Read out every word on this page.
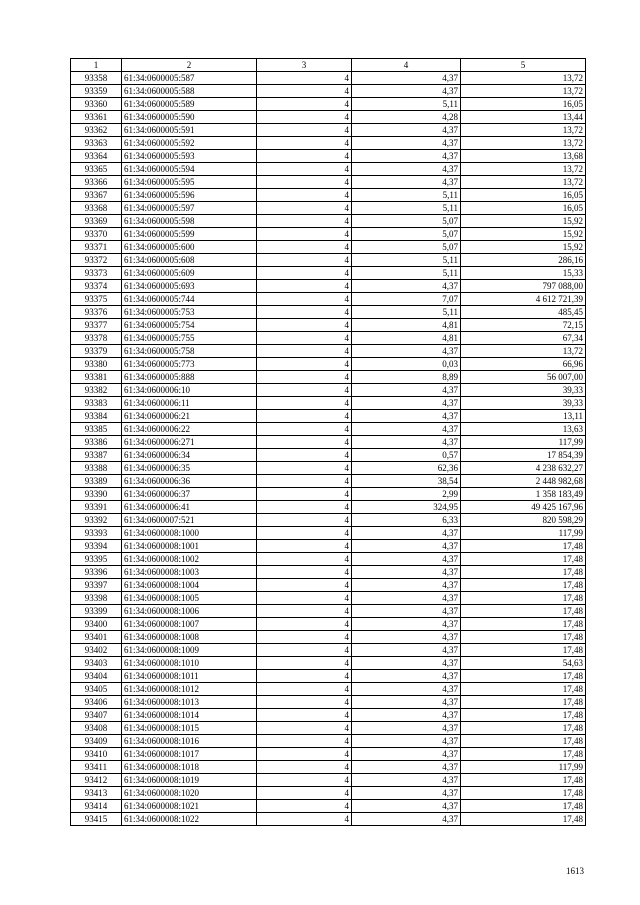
1	2	3	4	5
93358	61:34:0600005:587	4	4,37	13,72
93359	61:34:0600005:588	4	4,37	13,72
93360	61:34:0600005:589	4	5,11	16,05
93361	61:34:0600005:590	4	4,28	13,44
93362	61:34:0600005:591	4	4,37	13,72
93363	61:34:0600005:592	4	4,37	13,72
93364	61:34:0600005:593	4	4,37	13,68
93365	61:34:0600005:594	4	4,37	13,72
93366	61:34:0600005:595	4	4,37	13,72
93367	61:34:0600005:596	4	5,11	16,05
93368	61:34:0600005:597	4	5,11	16,05
93369	61:34:0600005:598	4	5,07	15,92
93370	61:34:0600005:599	4	5,07	15,92
93371	61:34:0600005:600	4	5,07	15,92
93372	61:34:0600005:608	4	5,11	286,16
93373	61:34:0600005:609	4	5,11	15,33
93374	61:34:0600005:693	4	4,37	797 088,00
93375	61:34:0600005:744	4	7,07	4 612 721,39
93376	61:34:0600005:753	4	5,11	485,45
93377	61:34:0600005:754	4	4,81	72,15
93378	61:34:0600005:755	4	4,81	67,34
93379	61:34:0600005:758	4	4,37	13,72
93380	61:34:0600005:773	4	0,03	66,96
93381	61:34:0600005:888	4	8,89	56 007,00
93382	61:34:0600006:10	4	4,37	39,33
93383	61:34:0600006:11	4	4,37	39,33
93384	61:34:0600006:21	4	4,37	13,11
93385	61:34:0600006:22	4	4,37	13,63
93386	61:34:0600006:271	4	4,37	117,99
93387	61:34:0600006:34	4	0,57	17 854,39
93388	61:34:0600006:35	4	62,36	4 238 632,27
93389	61:34:0600006:36	4	38,54	2 448 982,68
93390	61:34:0600006:37	4	2,99	1 358 183,49
93391	61:34:0600006:41	4	324,95	49 425 167,96
93392	61:34:0600007:521	4	6,33	820 598,29
93393	61:34:0600008:1000	4	4,37	117,99
93394	61:34:0600008:1001	4	4,37	17,48
93395	61:34:0600008:1002	4	4,37	17,48
93396	61:34:0600008:1003	4	4,37	17,48
93397	61:34:0600008:1004	4	4,37	17,48
93398	61:34:0600008:1005	4	4,37	17,48
93399	61:34:0600008:1006	4	4,37	17,48
93400	61:34:0600008:1007	4	4,37	17,48
93401	61:34:0600008:1008	4	4,37	17,48
93402	61:34:0600008:1009	4	4,37	17,48
93403	61:34:0600008:1010	4	4,37	54,63
93404	61:34:0600008:1011	4	4,37	17,48
93405	61:34:0600008:1012	4	4,37	17,48
93406	61:34:0600008:1013	4	4,37	17,48
93407	61:34:0600008:1014	4	4,37	17,48
93408	61:34:0600008:1015	4	4,37	17,48
93409	61:34:0600008:1016	4	4,37	17,48
93410	61:34:0600008:1017	4	4,37	17,48
93411	61:34:0600008:1018	4	4,37	117,99
93412	61:34:0600008:1019	4	4,37	17,48
93413	61:34:0600008:1020	4	4,37	17,48
93414	61:34:0600008:1021	4	4,37	17,48
93415	61:34:0600008:1022	4	4,37	17,48
1613
